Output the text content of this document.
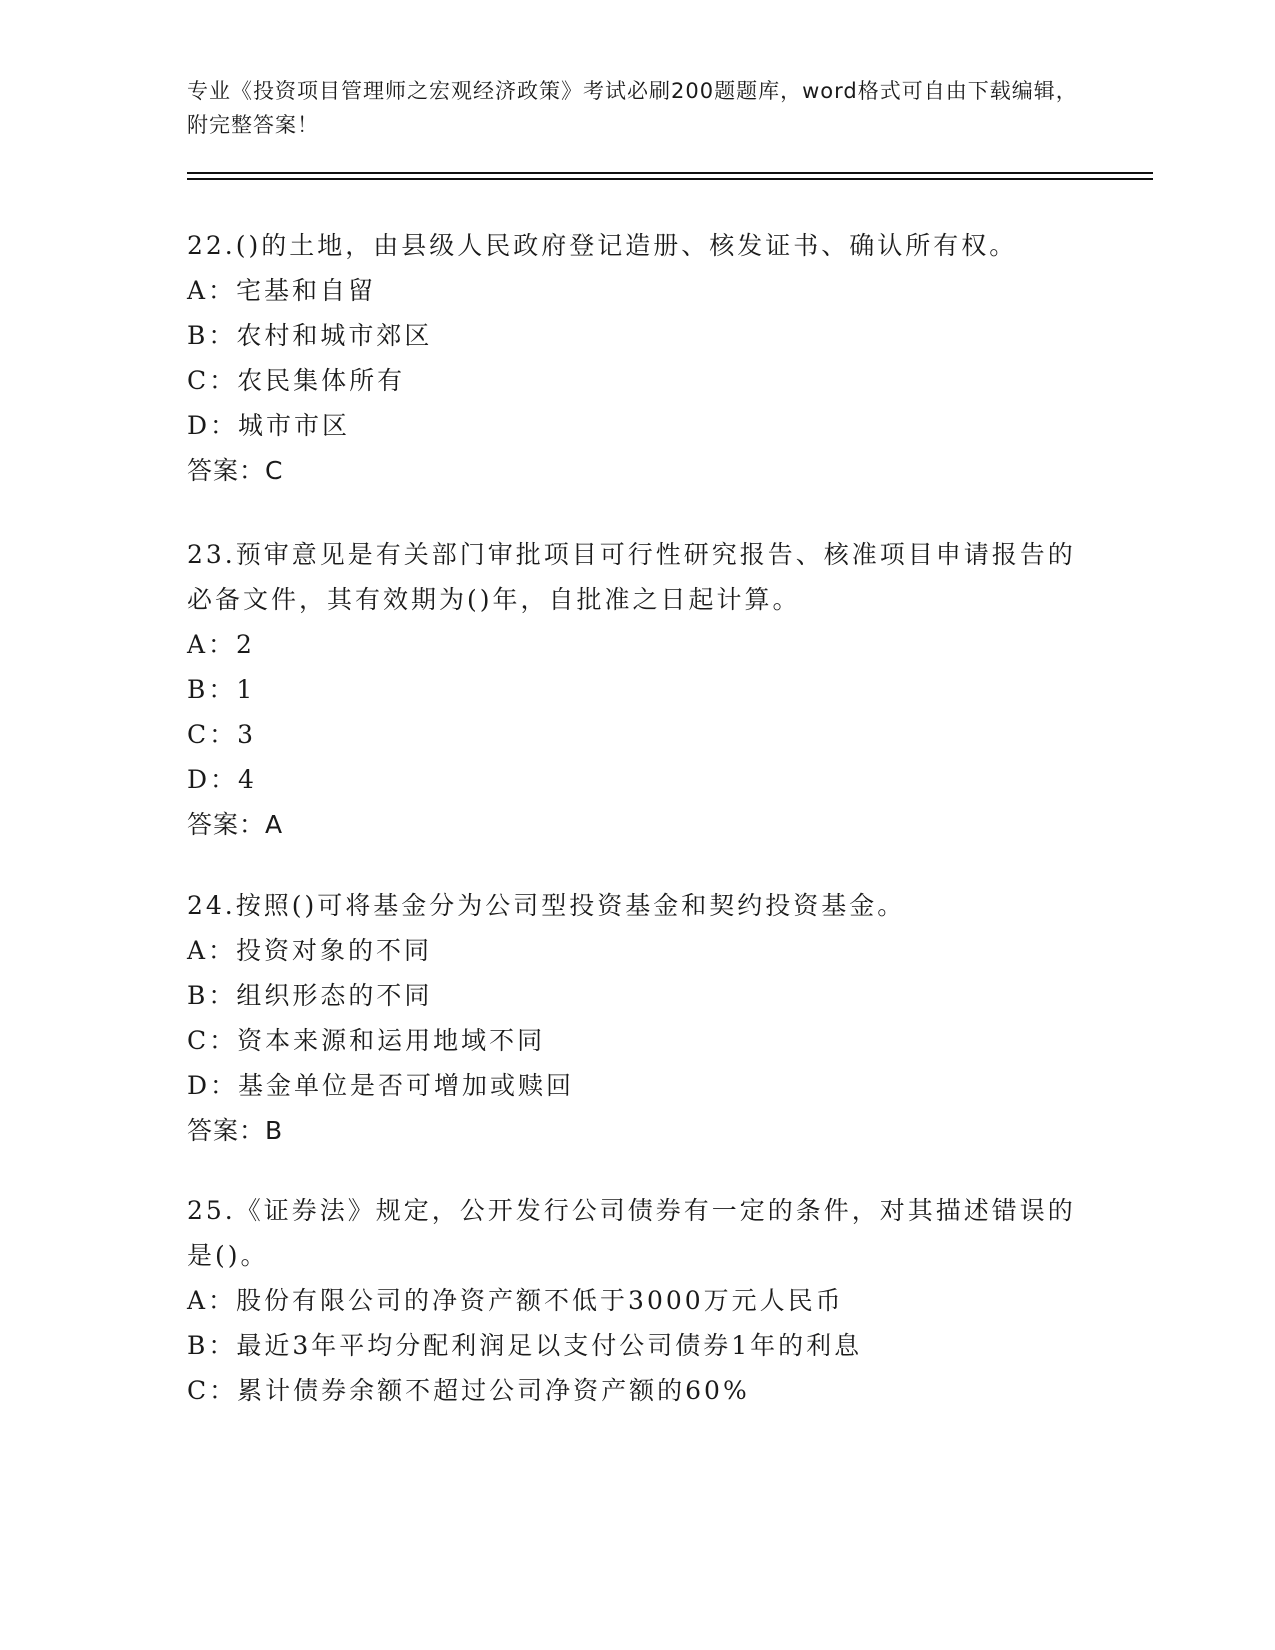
专业《投资项目管理师之宏观经济政策》考试必刷200题题库，word格式可自由下载编辑，附完整答案！
22.()的土地，由县级人民政府登记造册、核发证书、确认所有权。
A：宅基和自留
B：农村和城市郊区
C：农民集体所有
D：城市市区
答案：C
23.预审意见是有关部门审批项目可行性研究报告、核准项目申请报告的必备文件，其有效期为()年，自批准之日起计算。
A：2
B：1
C：3
D：4
答案：A
24.按照()可将基金分为公司型投资基金和契约投资基金。
A：投资对象的不同
B：组织形态的不同
C：资本来源和运用地域不同
D：基金单位是否可增加或赎回
答案：B
25.《证券法》规定，公开发行公司债券有一定的条件，对其描述错误的是()。
A：股份有限公司的净资产额不低于3000万元人民币
B：最近3年平均分配利润足以支付公司债券1年的利息
C：累计债券余额不超过公司净资产额的60%
